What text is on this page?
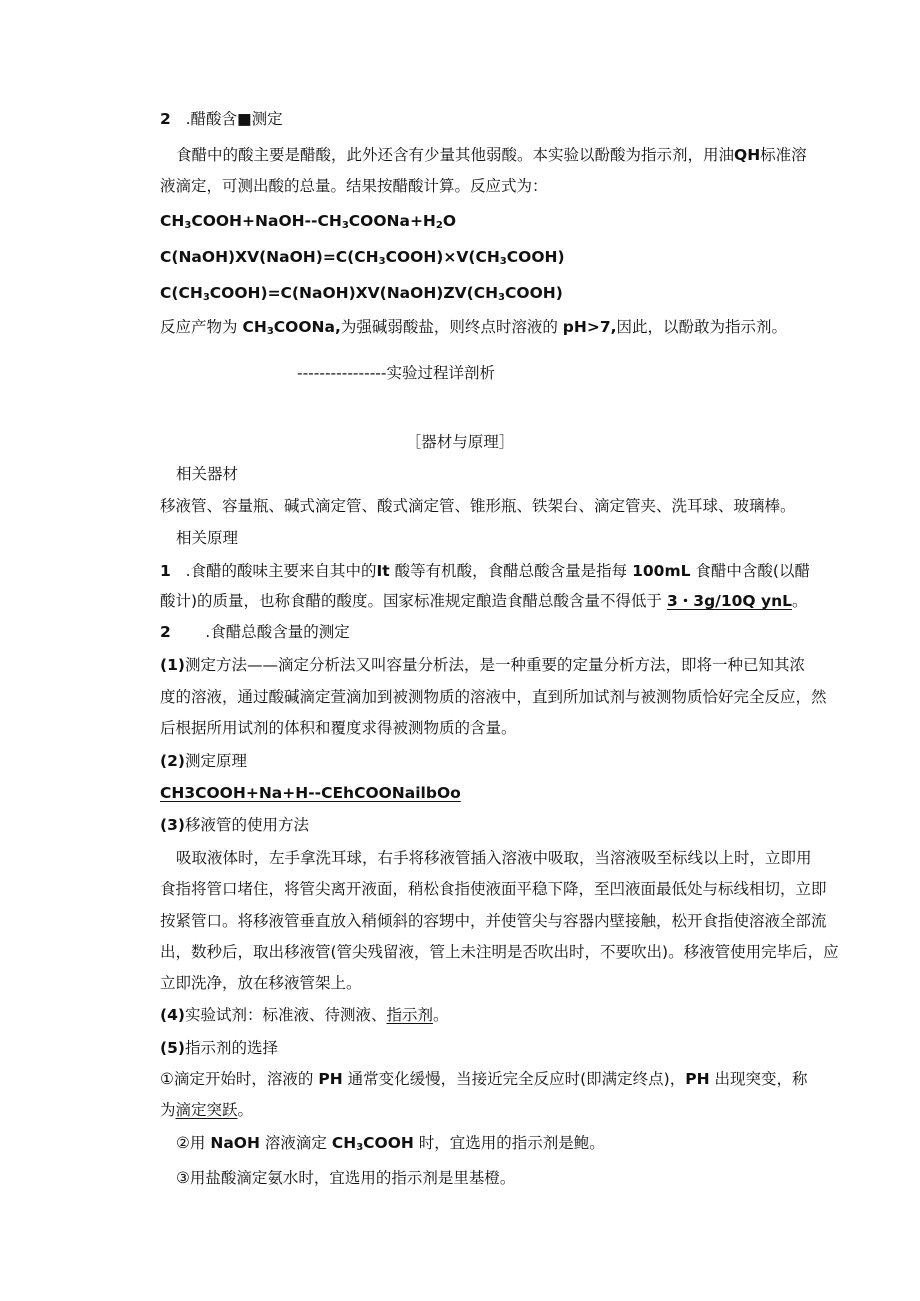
2 .醋酸含■测定
食醋中的酸主要是醋酸，此外还含有少量其他弱酸。本实验以酚酸为指示剂，用油QH标准溶
液滴定，可测出酸的总量。结果按醋酸计算。反应式为：
$CH_3COOH+NaOH--CH_3COONa+H_2O$
$C(NaOH)XV(NaOH)=C(CH_3COOH)\times V(CH_3COOH)$
$C(CH_3COOH)=C(NaOH)XV(NaOH)ZV(CH_3COOH)$
反应产物为 $CH_3COONa$,为强碱弱酸盐，则终点时溶液的 pH>7,因此，以酚敢为指示剂。
----------------实验过程详剖析
［器材与原理］
相关器材
移液管、容量瓶、碱式滴定管、酸式滴定管、锥形瓶、铁架台、滴定管夹、洗耳球、玻璃棒。
相关原理
1 .食醋的酸味主要来自其中的It 酸等有机酸，食醋总酸含量是指每 100mL 食醋中含酸(以醋
酸计)的质量，也称食醋的酸度。国家标准规定酿造食醋总酸含量不得低于 3・3g/10Q ynL。
2 .食醋总酸含量的测定
(1)测定方法——滴定分析法又叫容量分析法，是一种重要的定量分析方法，即将一种已知其浓
度的溶液，通过酸碱滴定萱滴加到被测物质的溶液中，直到所加试剂与被测物质恰好完全反应，然
后根据所用试剂的体积和覆度求得被测物质的含量。
(2)测定原理
CH3COOH+Na+H--CEhCOONailbOo
(3)移液管的使用方法
吸取液体时，左手拿洗耳球，右手将移液管插入溶液中吸取，当溶液吸至标线以上时，立即用
食指将管口堵住，将管尖离开液面，稍松食指使液面平稳下降，至凹液面最低处与标线相切，立即
按紧管口。将移液管垂直放入稍倾斜的容甥中，并使管尖与容器内壁接触，松开食指使溶液全部流
出，数秒后，取出移液管(管尖残留液，管上未注明是否吹出时，不要吹出)。移液管使用完毕后，应
立即洗净，放在移液管架上。
(4)实验试剂：标准液、待测液、指示剂。
(5)指示剂的选择
①滴定开始时，溶液的 PH 通常变化缓慢，当接近完全反应时(即满定终点)，PH 出现突变，称
为滴定突跃。
②用 NaOH 溶液滴定 $CH_3COOH$ 时，宜选用的指示剂是鲍。
③用盐酸滴定氨水时，宜选用的指示剂是里基橙。
